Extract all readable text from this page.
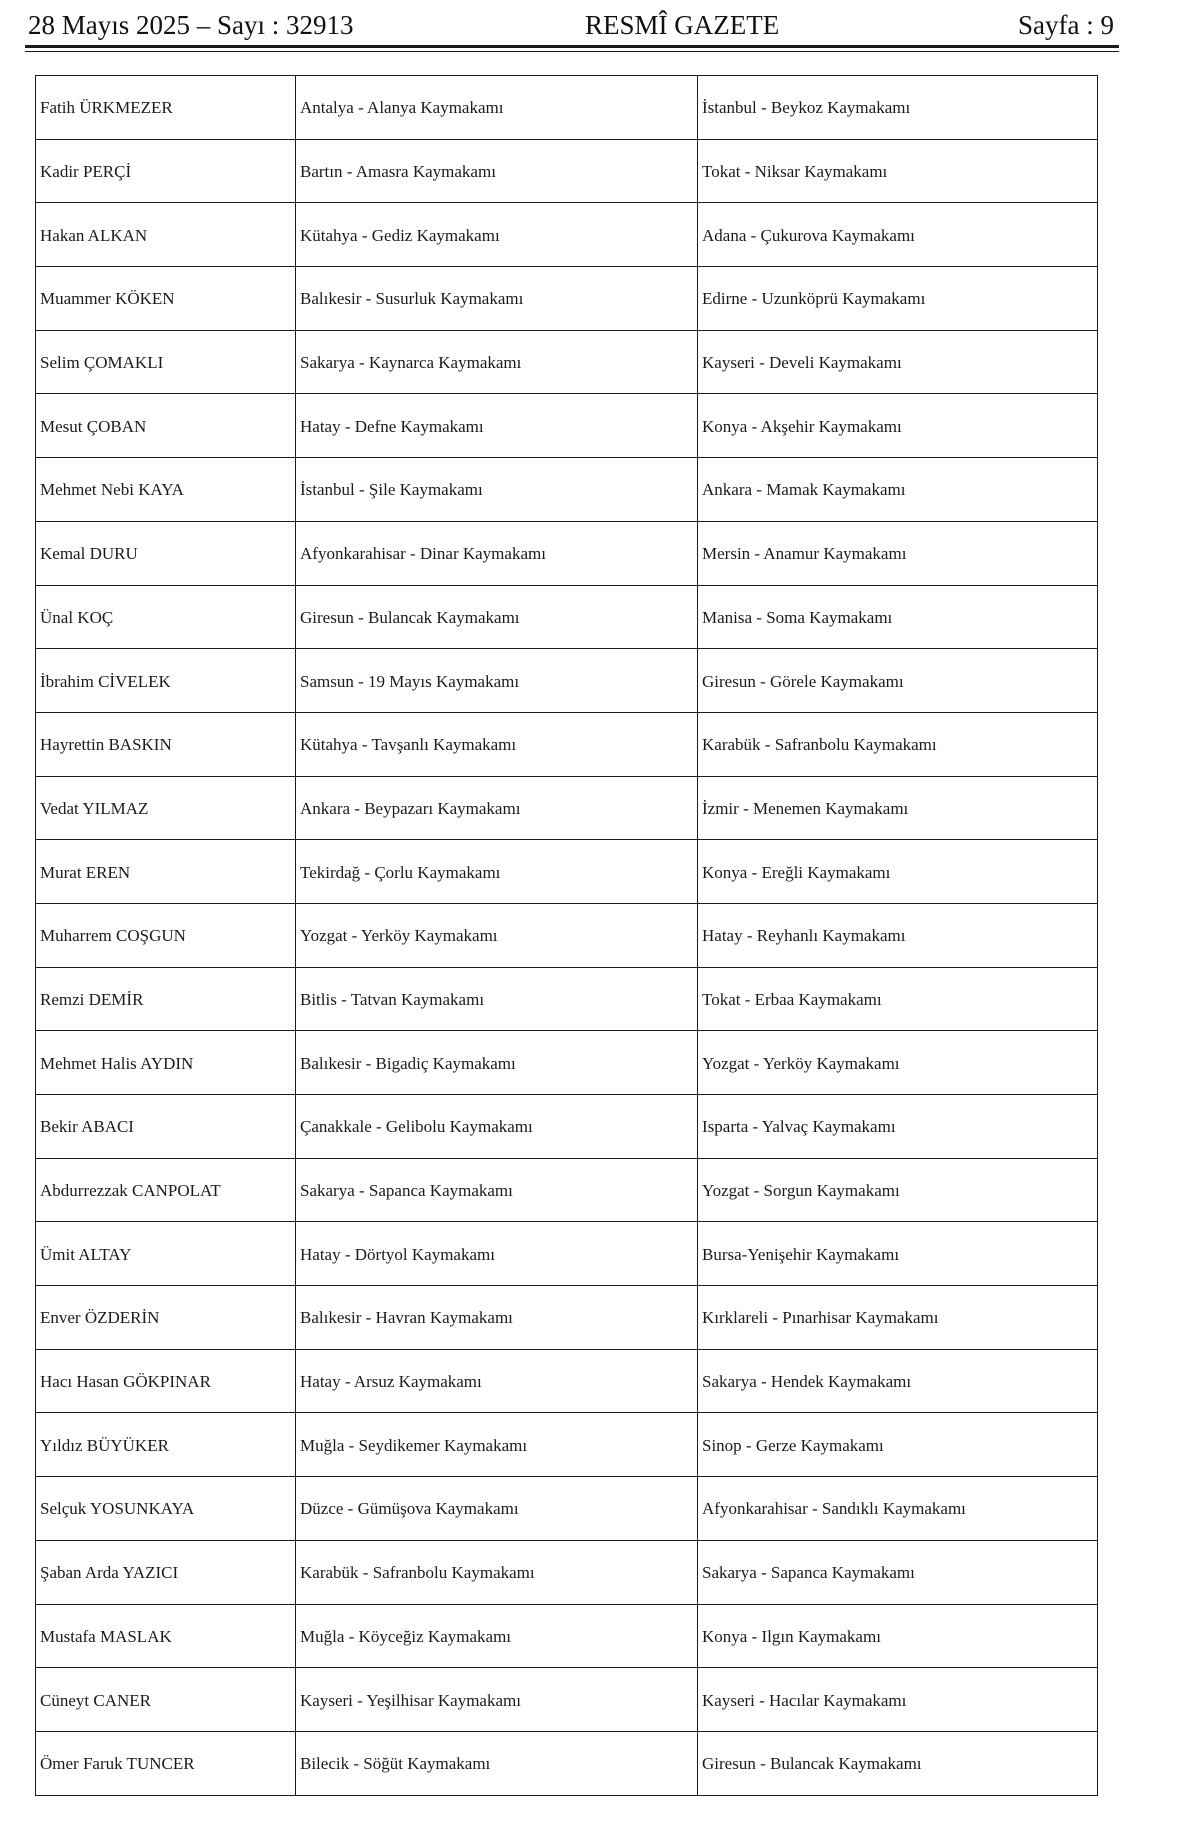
28 Mayıs 2025 – Sayı : 32913	RESMÎ GAZETE	Sayfa : 9
Fatih ÜRKMEZER	Antalya - Alanya Kaymakamı	İstanbul - Beykoz Kaymakamı
Kadir PERÇİ	Bartın - Amasra Kaymakamı	Tokat - Niksar Kaymakamı
Hakan ALKAN	Kütahya - Gediz Kaymakamı	Adana - Çukurova Kaymakamı
Muammer KÖKEN	Balıkesir - Susurluk Kaymakamı	Edirne - Uzunköprü Kaymakamı
Selim ÇOMAKLI	Sakarya - Kaynarca Kaymakamı	Kayseri - Develi Kaymakamı
Mesut ÇOBAN	Hatay - Defne Kaymakamı	Konya - Akşehir Kaymakamı
Mehmet Nebi KAYA	İstanbul - Şile Kaymakamı	Ankara - Mamak Kaymakamı
Kemal DURU	Afyonkarahisar - Dinar Kaymakamı	Mersin - Anamur Kaymakamı
Ünal KOÇ	Giresun - Bulancak Kaymakamı	Manisa - Soma Kaymakamı
İbrahim CİVELEK	Samsun - 19 Mayıs Kaymakamı	Giresun - Görele Kaymakamı
Hayrettin BASKIN	Kütahya - Tavşanlı Kaymakamı	Karabük - Safranbolu Kaymakamı
Vedat YILMAZ	Ankara - Beypazarı Kaymakamı	İzmir - Menemen Kaymakamı
Murat EREN	Tekirdağ - Çorlu Kaymakamı	Konya - Ereğli Kaymakamı
Muharrem COŞGUN	Yozgat - Yerköy Kaymakamı	Hatay - Reyhanlı Kaymakamı
Remzi DEMİR	Bitlis - Tatvan Kaymakamı	Tokat - Erbaa Kaymakamı
Mehmet Halis AYDIN	Balıkesir - Bigadiç Kaymakamı	Yozgat - Yerköy Kaymakamı
Bekir ABACI	Çanakkale - Gelibolu Kaymakamı	Isparta - Yalvaç Kaymakamı
Abdurrezzak CANPOLAT	Sakarya - Sapanca Kaymakamı	Yozgat - Sorgun Kaymakamı
Ümit ALTAY	Hatay - Dörtyol Kaymakamı	Bursa-Yenişehir Kaymakamı
Enver ÖZDERİN	Balıkesir - Havran Kaymakamı	Kırklareli - Pınarhisar Kaymakamı
Hacı Hasan GÖKPINAR	Hatay - Arsuz Kaymakamı	Sakarya - Hendek Kaymakamı
Yıldız BÜYÜKER	Muğla - Seydikemer Kaymakamı	Sinop - Gerze Kaymakamı
Selçuk YOSUNKAYA	Düzce - Gümüşova Kaymakamı	Afyonkarahisar - Sandıklı Kaymakamı
Şaban Arda YAZICI	Karabük - Safranbolu Kaymakamı	Sakarya - Sapanca Kaymakamı
Mustafa MASLAK	Muğla - Köyceğiz Kaymakamı	Konya - Ilgın Kaymakamı
Cüneyt CANER	Kayseri - Yeşilhisar Kaymakamı	Kayseri - Hacılar Kaymakamı
Ömer Faruk TUNCER	Bilecik - Söğüt Kaymakamı	Giresun - Bulancak Kaymakamı
